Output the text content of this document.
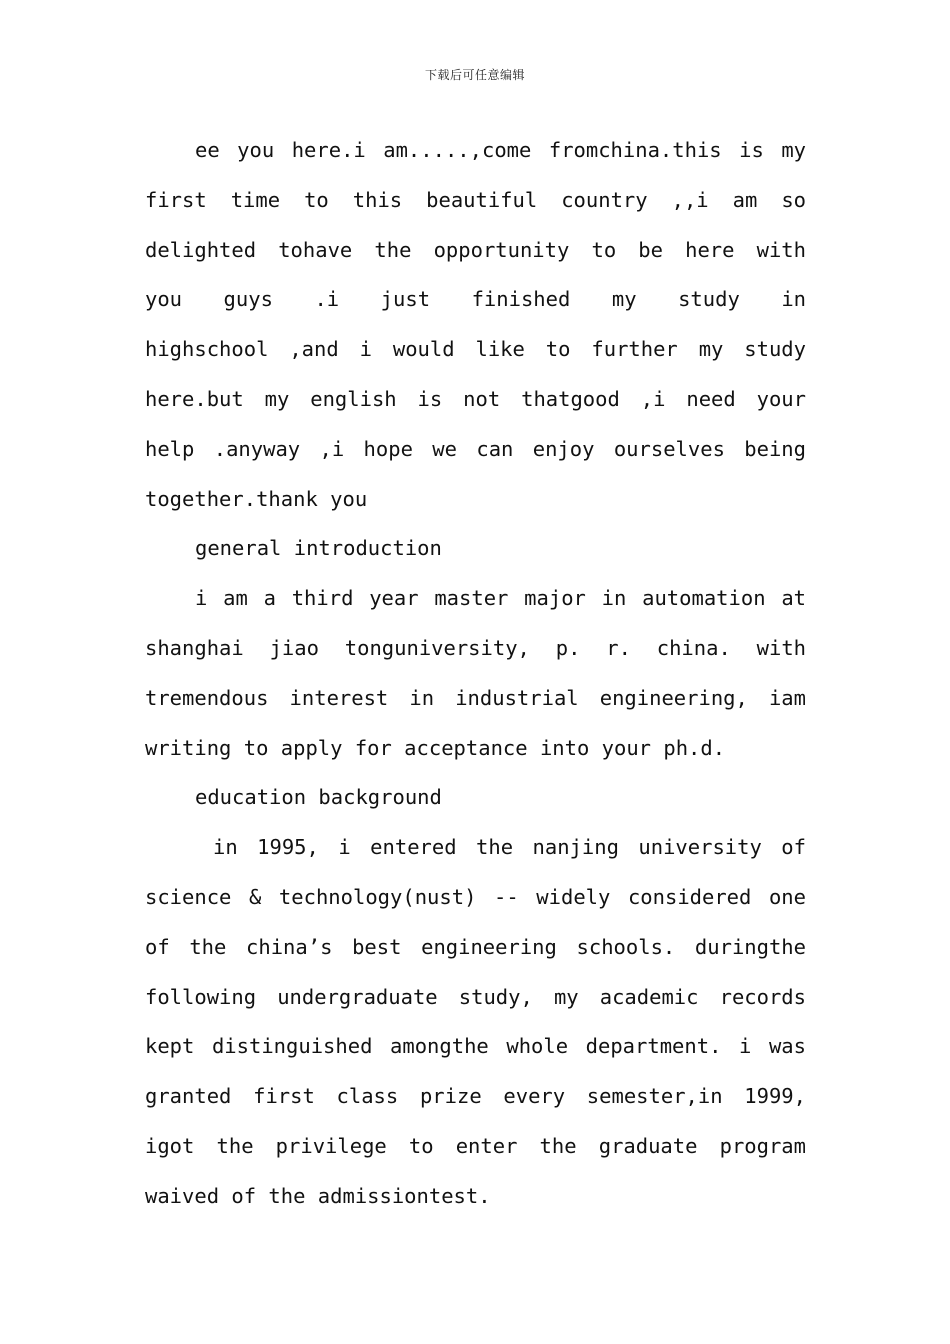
下载后可任意编辑
ee you here.i am.....,come fromchina.this is my
first time to this beautiful country ,,i am so
delighted tohave the opportunity to be here with
you guys .i just finished my study in
highschool ,and i would like to further my study
here.but my english is not thatgood ,i need your
help .anyway ,i hope we can enjoy ourselves being
together.thank you
general introduction
i am a third year master major in automation at
shanghai jiao tonguniversity, p. r. china. with
tremendous interest in industrial engineering, iam
writing to apply for acceptance into your ph.d.
education background
in 1995, i entered the nanjing university of
science & technology(nust) -- widely considered one
of the china’s best engineering schools. duringthe
following undergraduate study, my academic records
kept distinguished amongthe whole department. i was
granted first class prize every semester,in 1999,
igot the privilege to enter the graduate program
waived of the admissiontest.
